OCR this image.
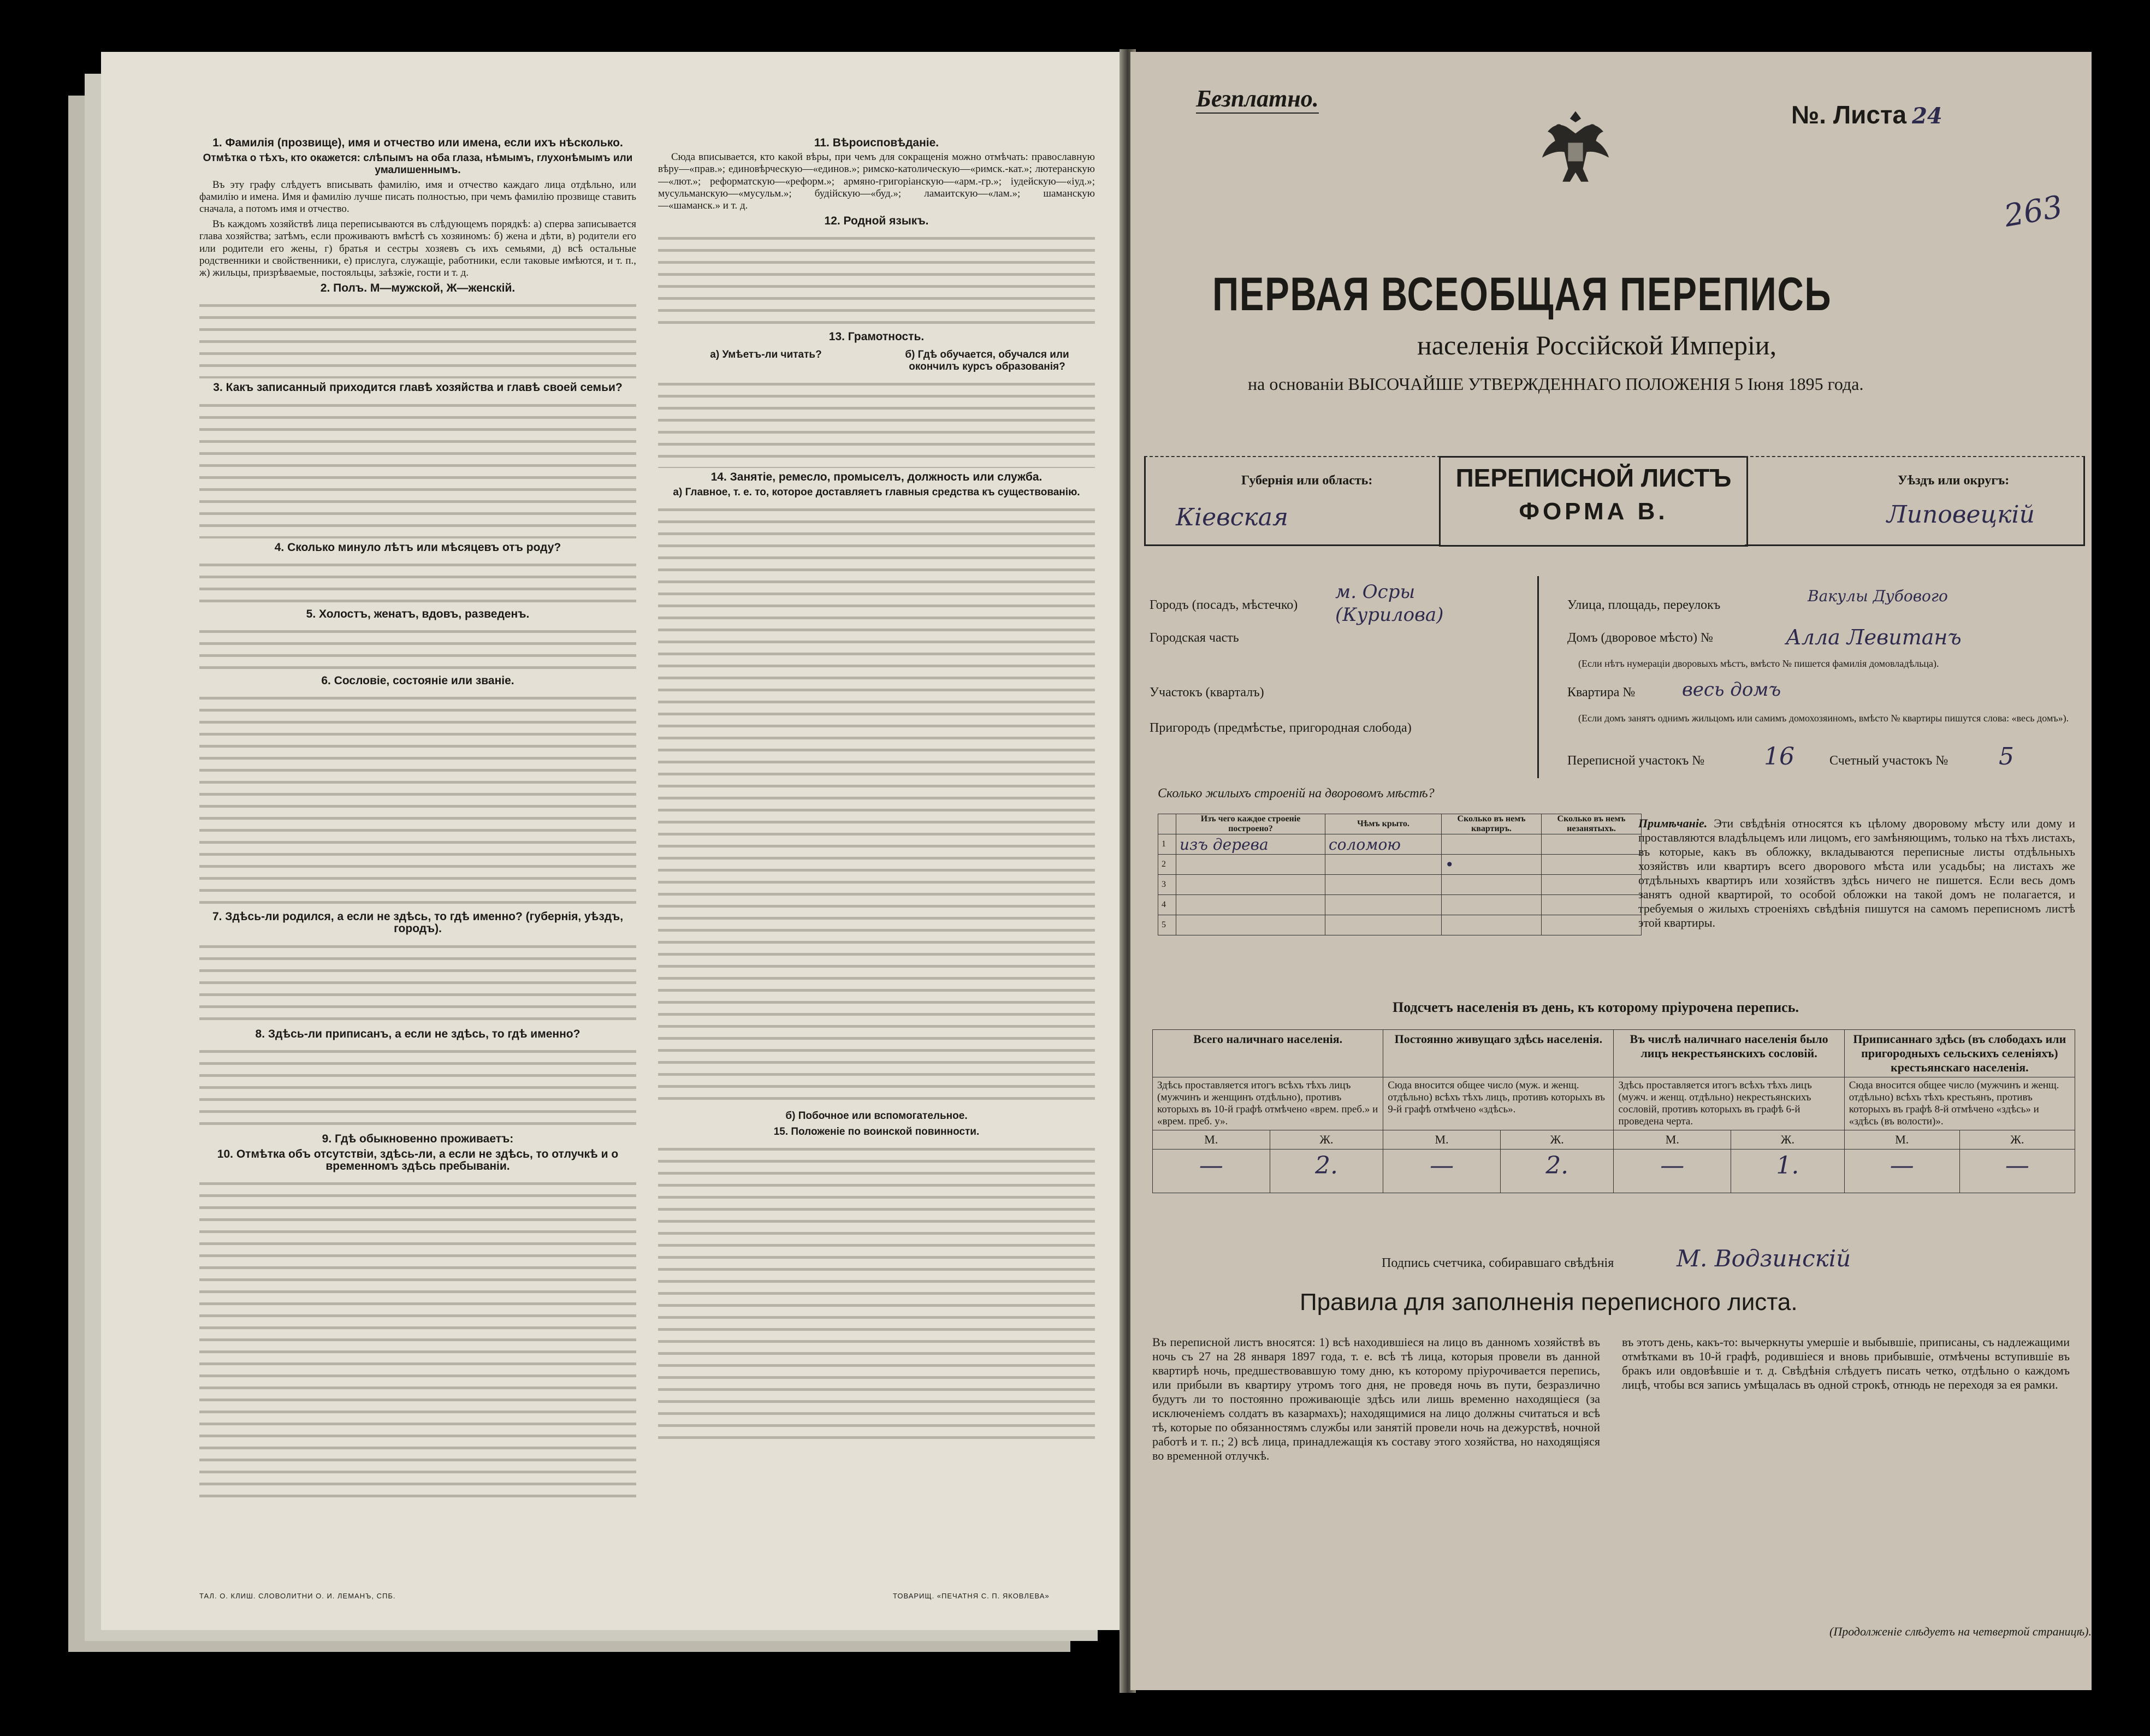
1. Фамилія (прозвище), имя и отчество или имена, если ихъ нѣсколько.
Отмѣтка о тѣхъ, кто окажется: слѣпымъ на оба глаза, нѣмымъ, глухонѣмымъ или умалишеннымъ.

Въ эту графу слѣдуетъ вписывать фамилію, имя и отчество каждаго лица отдѣльно, или фамилію и имена. Имя и фамилію лучше писать полностью, при чемъ фамилію прозвище ставить сначала, а потомъ имя и отчество.

Въ каждомъ хозяйствѣ лица переписываются въ слѣдующемъ порядкѣ: а) сперва записывается глава хозяйства; затѣмъ, если проживаютъ вмѣстѣ съ хозяиномъ: б) жена и дѣти, в) родители его или родители его жены, г) братья и сестры хозяевъ съ ихъ семьями, д) всѣ остальные родственники и свойственники, е) прислуга, служащіе, работники, если таковые имѣются, и т. п., ж) жильцы, призрѣваемые, постояльцы, заѣзжіе, гости и т. д.

2. Полъ. М—мужской, Ж—женскій.
3. Какъ записанный приходится главѣ хозяйства и главѣ своей семьи?
4. Сколько минуло лѣтъ или мѣсяцевъ отъ роду?
5. Холостъ, женатъ, вдовъ, разведенъ.
6. Сословіе, состояніе или званіе.
7. Здѣсь-ли родился, а если не здѣсь, то гдѣ именно? (губернія, уѣздъ, городъ).
8. Здѣсь-ли приписанъ, а если не здѣсь, то гдѣ именно?
9. Гдѣ обыкновенно проживаетъ:
10. Отмѣтка объ отсутствіи, здѣсь-ли, а если не здѣсь, то отлучкѣ и о временномъ здѣсь пребываніи.
ТАЛ. О. КЛИШ. СЛОВОЛИТНИ О. И. ЛЕМАНЪ, СПБ.
11. Вѣроисповѣданіе.

Сюда вписывается, кто какой вѣры, при чемъ для сокращенія можно отмѣчать: православную вѣру—«прав.»; единовѣрческую—«единов.»; римско-католическую—«римск.-кат.»; лютеранскую—«лют.»; реформатскую—«реформ.»; армяно-григоріанскую—«арм.-гр.»; іудейскую—«іуд.»; мусульманскую—«мусульм.»; будійскую—«буд.»; ламаитскую—«лам.»; шаманскую—«шаманск.» и т. д.

12. Родной языкъ.
13. Грамотность.
а) Умѣетъ-ли читать?	б) Гдѣ обучается, обучался или окончилъ курсъ образованія?
14. Занятіе, ремесло, промыселъ, должность или служба.
а) Главное, т. е. то, которое доставляетъ главныя средства къ существованію.
б) Побочное или вспомогательное.
15. Положеніе по воинской повинности.
ТОВАРИЩ. «ПЕЧАТНЯ С. П. ЯКОВЛЕВА»
Безплатно.
№. Листа 24
263
ПЕРВАЯ ВСЕОБЩАЯ ПЕРЕПИСЬ
населенія Россійской Имперіи,
на основаніи ВЫСОЧАЙШЕ УТВЕРЖДЕННАГО ПОЛОЖЕНІЯ 5 Іюня 1895 года.
Губернія или область:
Кіевская
ПЕРЕПИСНОЙ ЛИСТЪ
ФОРМА В.
Уѣздъ или округъ:
Липовецкій
Городъ (посадъ, мѣстечко)
м. Осры (Курилова)
Городская часть
Участокъ (кварталъ)
Пригородъ (предмѣстье, пригородная слобода)
Улица, площадь, переулокъ	Вакулы Дубового
Домъ (дворовое мѣсто) №	Алла Левитанъ
(Если нѣтъ нумераціи дворовыхъ мѣстъ, вмѣсто № пишется фамилія домовладѣльца).
Квартира №	весь домъ
(Если домъ занятъ однимъ жильцомъ или самимъ домохозяиномъ, вмѣсто № квартиры пишутся слова: «весь домъ»).
Переписной участокъ № 16	Счетный участокъ № 5
Сколько жилыхъ строеній на дворовомъ мѣстѣ?
	Изъ чего каждое строеніе построено?	Чѣмъ крыто.	Сколько въ немъ квартиръ.	Сколько въ немъ незанятыхъ.
1	изъ дерева	соломою		
2			•	
3				
4				
5				
Примѣчаніе. Эти свѣдѣнія относятся къ цѣлому дворовому мѣсту или дому и проставляются владѣльцемъ или лицомъ, его замѣняющимъ, только на тѣхъ листахъ, въ которые, какъ въ обложку, вкладываются переписные листы отдѣльныхъ хозяйствъ или квартиръ всего дворового мѣста или усадьбы; на листахъ же отдѣльныхъ квартиръ или хозяйствъ здѣсь ничего не пишется. Если весь домъ занятъ одной квартирой, то особой обложки на такой домъ не полагается, и требуемыя о жилыхъ строеніяхъ свѣдѣнія пишутся на самомъ переписномъ листѣ этой квартиры.
Подсчетъ населенія въ день, къ которому пріурочена перепись.
Всего наличнаго населенія.		Постоянно живущаго здѣсь населенія.		Въ числѣ наличнаго населенія было лицъ некрестьянскихъ сословій.		Приписаннаго здѣсь (въ слободахъ или пригородныхъ сельскихъ селеніяхъ) крестьянскаго населенія.	
Здѣсь проставляется итогъ всѣхъ тѣхъ лицъ (мужчинъ и женщинъ отдѣльно), противъ которыхъ въ 10-й графѣ отмѣчено «врем. преб.» и «врем. преб. у».		Сюда вносится общее число (муж. и женщ. отдѣльно) всѣхъ тѣхъ лицъ, противъ которыхъ въ 9-й графѣ отмѣчено «здѣсь».		Здѣсь проставляется итогъ всѣхъ тѣхъ лицъ (мужч. и женщ. отдѣльно) некрестьянскихъ сословій, противъ которыхъ въ графѣ 6-й проведена черта.		Сюда вносится общее число (мужчинъ и женщ. отдѣльно) всѣхъ тѣхъ крестьянъ, противъ которыхъ въ графѣ 8-й отмѣчено «здѣсь» и «здѣсь (въ волости)».	
М.	Ж.	М.	Ж.	М.	Ж.	М.	Ж.
—	2.	—	2.	—	1.	—	—
Подпись счетчика, собиравшаго свѣдѣнія	М. Водзинскій
Правила для заполненія переписного листа.
Въ переписной листъ вносятся: 1) всѣ находившіеся на лицо въ данномъ хозяйствѣ въ ночь съ 27 на 28 января 1897 года, т. е. всѣ тѣ лица, которыя провели въ данной квартирѣ ночь, предшествовавшую тому дню, къ которому пріурочивается перепись, или прибыли въ квартиру утромъ того дня, не проведя ночь въ пути, безразлично будутъ ли то постоянно проживающіе здѣсь или лишь временно находящіеся (за исключеніемъ солдатъ въ казармахъ); находящимися на лицо должны считаться и всѣ тѣ, которые по обязанностямъ службы или занятій провели ночь на дежурствѣ, ночной работѣ и т. п.; 2) всѣ лица, принадлежащія къ составу этого хозяйства, но находящіяся во временной отлучкѣ.
въ этотъ день, какъ-то: вычеркнуты умершіе и выбывшіе, приписаны, съ надлежащими отмѣтками въ 10-й графѣ, родившіеся и вновь прибывшіе, отмѣчены вступившіе въ бракъ или овдовѣвшіе и т. д. Свѣдѣнія слѣдуетъ писать четко, отдѣльно о каждомъ лицѣ, чтобы вся запись умѣщалась въ одной строкѣ, отнюдь не переходя за ея рамки.
(Продолженіе слѣдуетъ на четвертой страницѣ).
